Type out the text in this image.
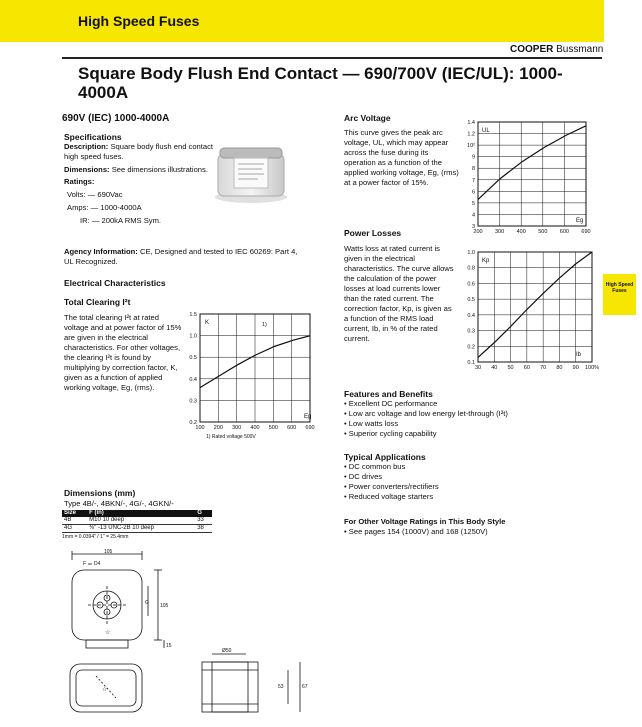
High Speed Fuses
COOPER Bussmann
Square Body Flush End Contact — 690/700V (IEC/UL): 1000-4000A
690V (IEC) 1000-4000A
High Speed Fuses
Specifications
Description: Square body flush end contact high speed fuses.
Dimensions: See dimensions illustrations.
Ratings:
Volts: — 690Vac
Amps: — 1000-4000A
IR: — 200kA RMS Sym.
Agency Information: CE, Designed and tested to IEC 60269: Part 4, UL Recognized.
Electrical Characteristics
Total Clearing I²t
The total clearing I²t at rated voltage and at power factor of 15% are given in the electrical characteristics. For other voltages, the clearing I²t is found by multiplying by correction factor, K, given as a function of applied working voltage, Eg, (rms).
100 200 300 400 500 600 690
1.5
1.0
0.5
0.4
0.3
0.2
K
Eg
1)
1) Rated voltage 500V
Arc Voltage
This curve gives the peak arc voltage, UL, which may appear across the fuse during its operation as a function of the applied working voltage, Eg, (rms) at a power factor of 15%.
200 300 400 500 600 690
1.4
1.2
10²
9
8
7
6
5
4
3
UL
Eg
Power Losses
Watts loss at rated current is given in the electrical characteristics. The curve allows the calculation of the power losses at load currents lower than the rated current. The correction factor, Kp, is given as a function of the RMS load current, Ib, in % of the rated current.
30 40 50 60 70 80 90 100%
1.0
0.8
0.6
0.5
0.4
0.3
0.2
0.1
Kp
Ib
Features and Benefits
• Excellent DC performance
• Low arc voltage and low energy let-through (I²t)
• Low watts loss
• Superior cycling capability
Typical Applications
• DC common bus
• DC drives
• Power converters/rectifiers
• Reduced voltage starters
For Other Voltage Ratings in This Body Style
• See pages 154 (1000V) and 168 (1250V)
Dimensions (mm)
Type 4B/-, 4BKN/-, 4G/-, 4GKN/-
Size	F (in)	G
4B	M10 10 deep	33
4G	⅜" -13 UNC-2B 10 deep	38
1mm = 0.0394" / 1" = 25.4mm
105
F D4
☆
105
G
15
☆
Ø50
53	67
